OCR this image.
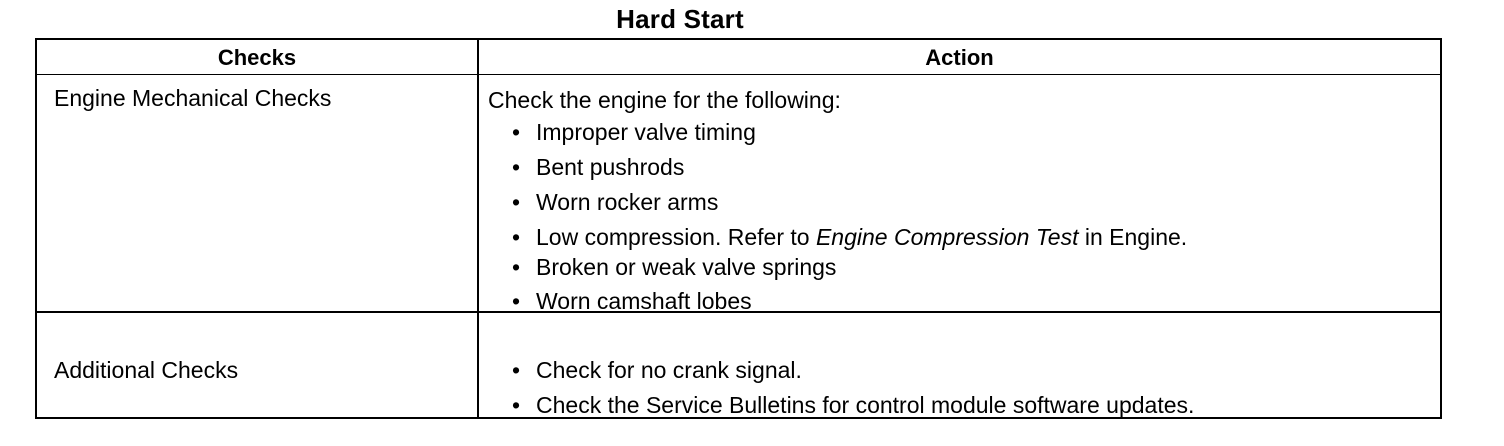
Hard Start
Checks	Action
Engine Mechanical Checks	Check the engine for the following:
• Improper valve timing
• Bent pushrods
• Worn rocker arms
• Low compression. Refer to Engine Compression Test in Engine.
• Broken or weak valve springs
• Worn camshaft lobes
Additional Checks	• Check for no crank signal.
• Check the Service Bulletins for control module software updates.
